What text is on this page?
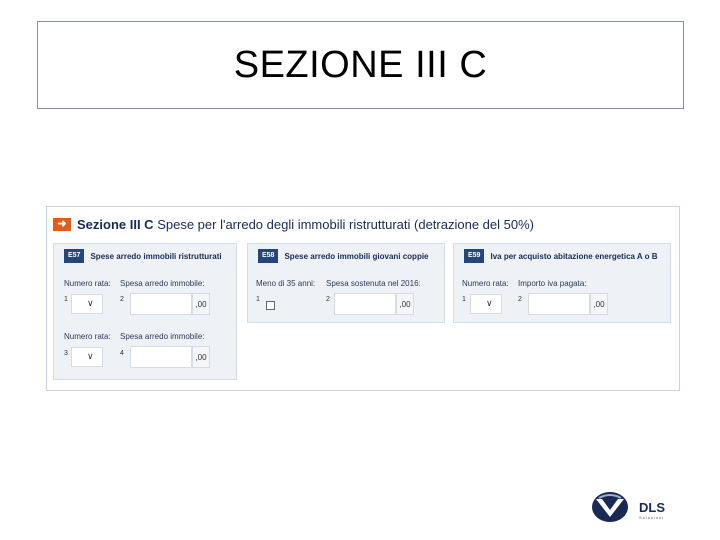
SEZIONE III C
➜ Sezione III C Spese per l'arredo degli immobili ristrutturati (detrazione del 50%)
E57	Spese arredo immobili ristrutturati
Numero rata: Spesa arredo immobile:
1 ∨	2	,00
Numero rata: Spesa arredo immobile:
3 ∨	4	,00
E58	Spese arredo immobili giovani coppie
Meno di 35 anni: Spesa sostenuta nel 2016:
1	2	,00
E59	Iva per acquisto abitazione energetica A o B
Numero rata: Importo iva pagata:
1 ∨	2	,00
DLS
Soluzioni
